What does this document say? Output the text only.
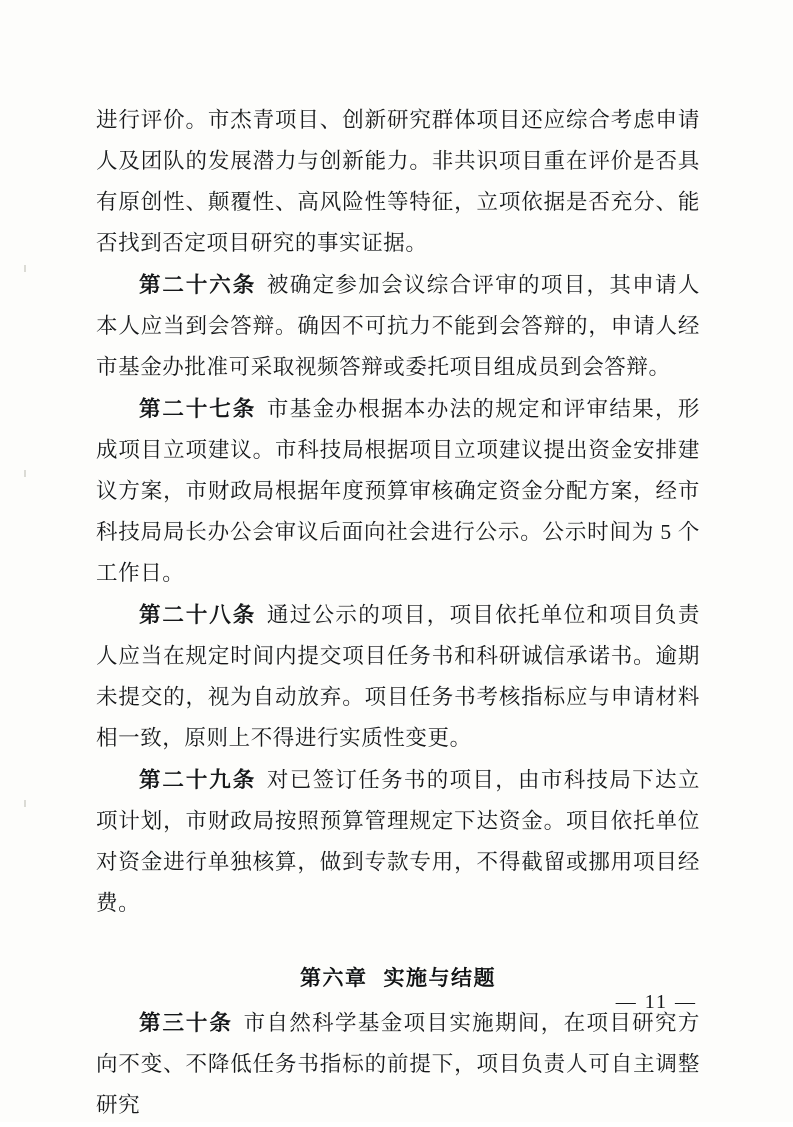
进行评价。市杰青项目、创新研究群体项目还应综合考虑申请人及团队的发展潜力与创新能力。非共识项目重在评价是否具有原创性、颠覆性、高风险性等特征，立项依据是否充分、能否找到否定项目研究的事实证据。

第二十六条 被确定参加会议综合评审的项目，其申请人本人应当到会答辩。确因不可抗力不能到会答辩的，申请人经市基金办批准可采取视频答辩或委托项目组成员到会答辩。

第二十七条 市基金办根据本办法的规定和评审结果，形成项目立项建议。市科技局根据项目立项建议提出资金安排建议方案，市财政局根据年度预算审核确定资金分配方案，经市科技局局长办公会审议后面向社会进行公示。公示时间为 5 个工作日。

第二十八条 通过公示的项目，项目依托单位和项目负责人应当在规定时间内提交项目任务书和科研诚信承诺书。逾期未提交的，视为自动放弃。项目任务书考核指标应与申请材料相一致，原则上不得进行实质性变更。

第二十九条 对已签订任务书的项目，由市科技局下达立项计划，市财政局按照预算管理规定下达资金。项目依托单位对资金进行单独核算，做到专款专用，不得截留或挪用项目经费。

第六章 实施与结题

第三十条 市自然科学基金项目实施期间，在项目研究方向不变、不降低任务书指标的前提下，项目负责人可自主调整研究

— 11 —
